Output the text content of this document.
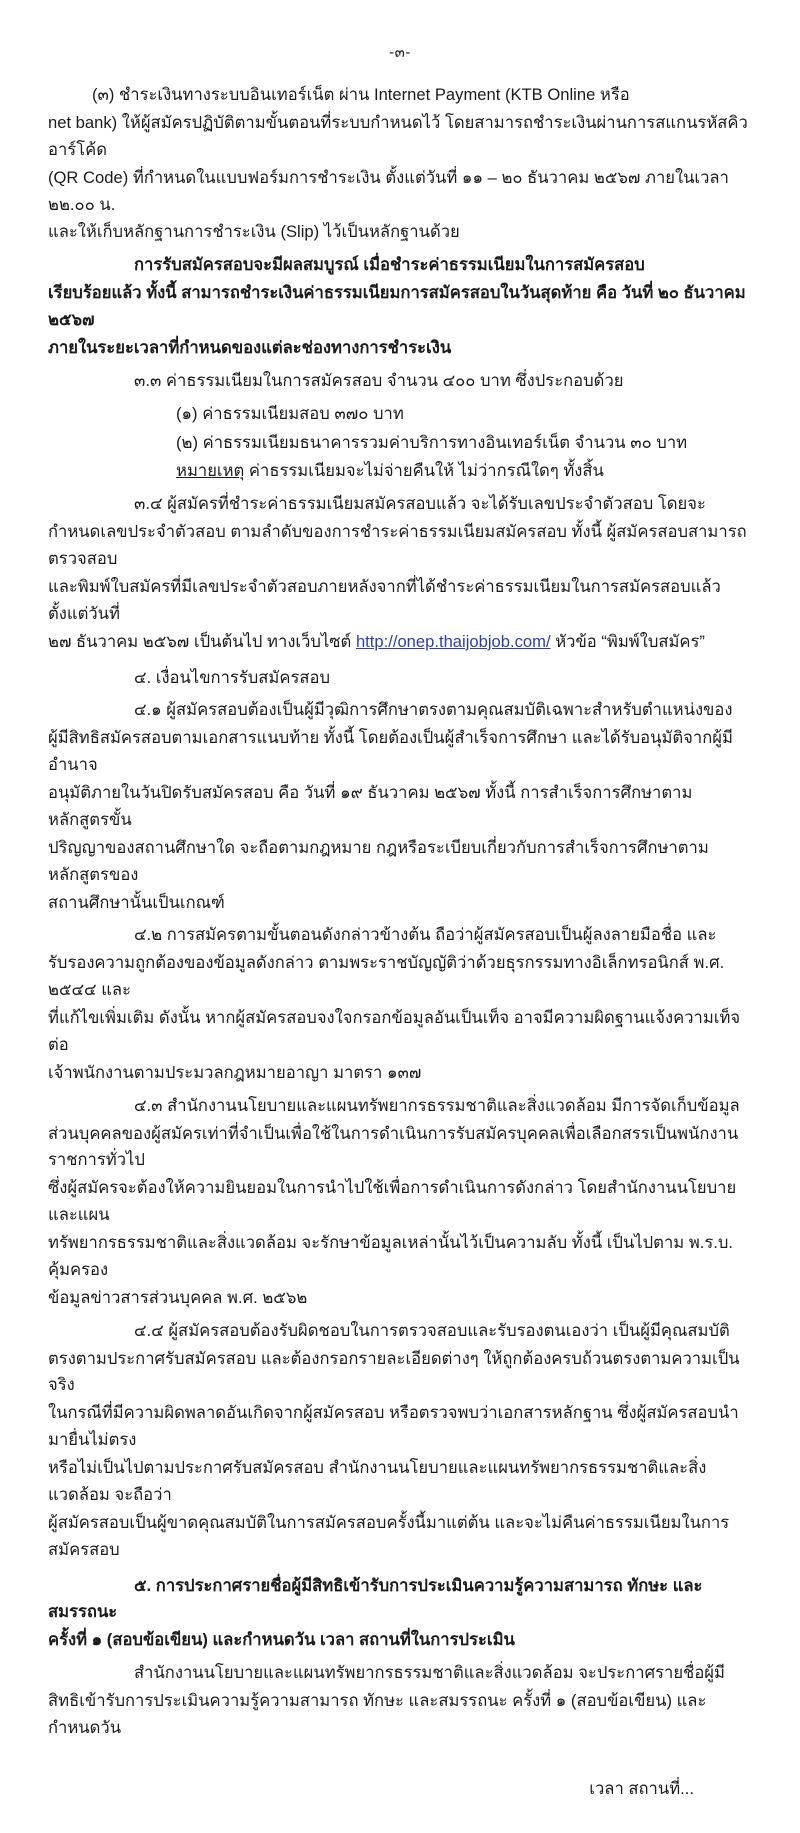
-๓-

(๓) ชำระเงินทางระบบอินเทอร์เน็ต ผ่าน Internet Payment (KTB Online หรือ

net bank) ให้ผู้สมัครปฏิบัติตามขั้นตอนที่ระบบกำหนดไว้ โดยสามารถชำระเงินผ่านการสแกนรหัสคิวอาร์โค้ด

(QR Code) ที่กำหนดในแบบฟอร์มการชำระเงิน ตั้งแต่วันที่ ๑๑ – ๒๐ ธันวาคม ๒๕๖๗ ภายในเวลา ๒๒.๐๐ น.

และให้เก็บหลักฐานการชำระเงิน (Slip) ไว้เป็นหลักฐานด้วย

การรับสมัครสอบจะมีผลสมบูรณ์ เมื่อชำระค่าธรรมเนียมในการสมัครสอบ

เรียบร้อยแล้ว ทั้งนี้ สามารถชำระเงินค่าธรรมเนียมการสมัครสอบในวันสุดท้าย คือ วันที่ ๒๐ ธันวาคม ๒๕๖๗

ภายในระยะเวลาที่กำหนดของแต่ละช่องทางการชำระเงิน

๓.๓ ค่าธรรมเนียมในการสมัครสอบ จำนวน ๔๐๐ บาท ซึ่งประกอบด้วย

(๑) ค่าธรรมเนียมสอบ ๓๗๐ บาท

(๒) ค่าธรรมเนียมธนาคารรวมค่าบริการทางอินเทอร์เน็ต จำนวน ๓๐ บาท

หมายเหตุ ค่าธรรมเนียมจะไม่จ่ายคืนให้ ไม่ว่ากรณีใดๆ ทั้งสิ้น

๓.๔ ผู้สมัครที่ชำระค่าธรรมเนียมสมัครสอบแล้ว จะได้รับเลขประจำตัวสอบ โดยจะ

กำหนดเลขประจำตัวสอบ ตามลำดับของการชำระค่าธรรมเนียมสมัครสอบ ทั้งนี้ ผู้สมัครสอบสามารถตรวจสอบ

และพิมพ์ใบสมัครที่มีเลขประจำตัวสอบภายหลังจากที่ได้ชำระค่าธรรมเนียมในการสมัครสอบแล้ว ตั้งแต่วันที่

๒๗ ธันวาคม ๒๕๖๗ เป็นต้นไป ทางเว็บไซต์ http://onep.thaijobjob.com/ หัวข้อ “พิมพ์ใบสมัคร”

๔. เงื่อนไขการรับสมัครสอบ

๔.๑ ผู้สมัครสอบต้องเป็นผู้มีวุฒิการศึกษาตรงตามคุณสมบัติเฉพาะสำหรับตำแหน่งของ

ผู้มีสิทธิสมัครสอบตามเอกสารแนบท้าย ทั้งนี้ โดยต้องเป็นผู้สำเร็จการศึกษา และได้รับอนุมัติจากผู้มีอำนาจ

อนุมัติภายในวันปิดรับสมัครสอบ คือ วันที่ ๑๙ ธันวาคม ๒๕๖๗ ทั้งนี้ การสำเร็จการศึกษาตามหลักสูตรขั้น

ปริญญาของสถานศึกษาใด จะถือตามกฎหมาย กฎหรือระเบียบเกี่ยวกับการสำเร็จการศึกษาตามหลักสูตรของ

สถานศึกษานั้นเป็นเกณฑ์

๔.๒ การสมัครตามขั้นตอนดังกล่าวข้างต้น ถือว่าผู้สมัครสอบเป็นผู้ลงลายมือชื่อ และ

รับรองความถูกต้องของข้อมูลดังกล่าว ตามพระราชบัญญัติว่าด้วยธุรกรรมทางอิเล็กทรอนิกส์ พ.ศ. ๒๕๔๔ และ

ที่แก้ไขเพิ่มเติม ดังนั้น หากผู้สมัครสอบจงใจกรอกข้อมูลอันเป็นเท็จ อาจมีความผิดฐานแจ้งความเท็จต่อ

เจ้าพนักงานตามประมวลกฎหมายอาญา มาตรา ๑๓๗

๔.๓ สำนักงานนโยบายและแผนทรัพยากรธรรมชาติและสิ่งแวดล้อม มีการจัดเก็บข้อมูล

ส่วนบุคคลของผู้สมัครเท่าที่จำเป็นเพื่อใช้ในการดำเนินการรับสมัครบุคคลเพื่อเลือกสรรเป็นพนักงานราชการทั่วไป

ซึ่งผู้สมัครจะต้องให้ความยินยอมในการนำไปใช้เพื่อการดำเนินการดังกล่าว โดยสำนักงานนโยบายและแผน

ทรัพยากรธรรมชาติและสิ่งแวดล้อม จะรักษาข้อมูลเหล่านั้นไว้เป็นความลับ ทั้งนี้ เป็นไปตาม พ.ร.บ. คุ้มครอง

ข้อมูลข่าวสารส่วนบุคคล พ.ศ. ๒๕๖๒

๔.๔ ผู้สมัครสอบต้องรับผิดชอบในการตรวจสอบและรับรองตนเองว่า เป็นผู้มีคุณสมบัติ

ตรงตามประกาศรับสมัครสอบ และต้องกรอกรายละเอียดต่างๆ ให้ถูกต้องครบถ้วนตรงตามความเป็นจริง

ในกรณีที่มีความผิดพลาดอันเกิดจากผู้สมัครสอบ หรือตรวจพบว่าเอกสารหลักฐาน ซึ่งผู้สมัครสอบนำมายื่นไม่ตรง

หรือไม่เป็นไปตามประกาศรับสมัครสอบ สำนักงานนโยบายและแผนทรัพยากรธรรมชาติและสิ่งแวดล้อม จะถือว่า

ผู้สมัครสอบเป็นผู้ขาดคุณสมบัติในการสมัครสอบครั้งนี้มาแต่ต้น และจะไม่คืนค่าธรรมเนียมในการสมัครสอบ

๕. การประกาศรายชื่อผู้มีสิทธิเข้ารับการประเมินความรู้ความสามารถ ทักษะ และสมรรถนะ

ครั้งที่ ๑ (สอบข้อเขียน) และกำหนดวัน เวลา สถานที่ในการประเมิน

สำนักงานนโยบายและแผนทรัพยากรธรรมชาติและสิ่งแวดล้อม จะประกาศรายชื่อผู้มี

สิทธิเข้ารับการประเมินความรู้ความสามารถ ทักษะ และสมรรถนะ ครั้งที่ ๑ (สอบข้อเขียน) และกำหนดวัน

เวลา สถานที่...
